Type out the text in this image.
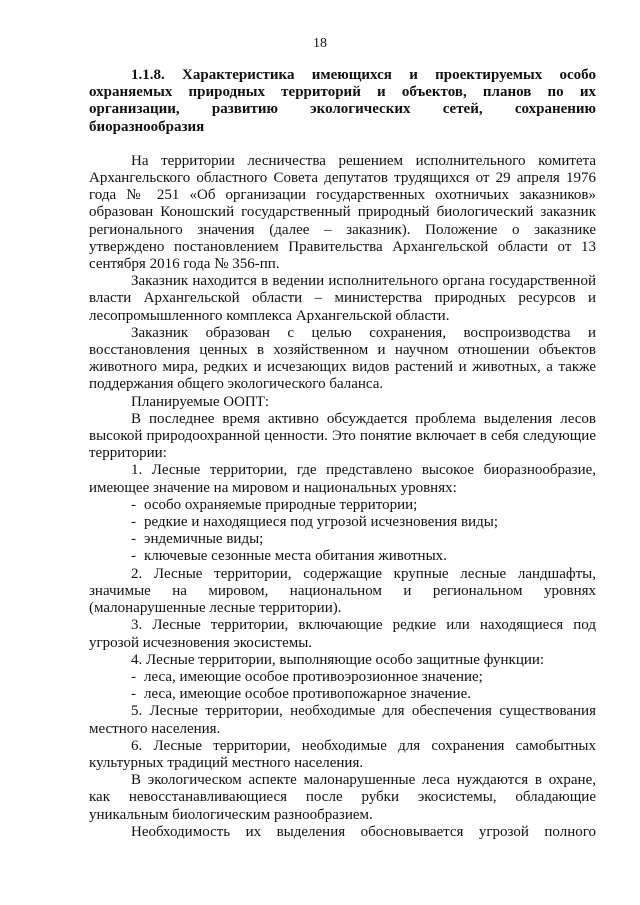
18

1.1.8. Характеристика имеющихся и проектируемых особо охраняемых природных территорий и объектов, планов по их организации, развитию экологических сетей, сохранению биоразнообразия

На территории лесничества решением исполнительного комитета Архангельского областного Совета депутатов трудящихся от 29 апреля 1976 года № 251 «Об организации государственных охотничьих заказников» образован Коношский государственный природный биологический заказник регионального значения (далее – заказник). Положение о заказнике утверждено постановлением Правительства Архангельской области от 13 сентября 2016 года № 356-пп.

Заказник находится в ведении исполнительного органа государственной власти Архангельской области – министерства природных ресурсов и лесопромышленного комплекса Архангельской области.

Заказник образован с целью сохранения, воспроизводства и восстановления ценных в хозяйственном и научном отношении объектов животного мира, редких и исчезающих видов растений и животных, а также поддержания общего экологического баланса.

Планируемые ООПТ:

В последнее время активно обсуждается проблема выделения лесов высокой природоохранной ценности. Это понятие включает в себя следующие территории:

1. Лесные территории, где представлено высокое биоразнообразие, имеющее значение на мировом и национальных уровнях:

- особо охраняемые природные территории;

- редкие и находящиеся под угрозой исчезновения виды;

- эндемичные виды;

- ключевые сезонные места обитания животных.

2. Лесные территории, содержащие крупные лесные ландшафты, значимые на мировом, национальном и региональном уровнях (малонарушенные лесные территории).

3. Лесные территории, включающие редкие или находящиеся под угрозой исчезновения экосистемы.

4. Лесные территории, выполняющие особо защитные функции:

- леса, имеющие особое противоэрозионное значение;

- леса, имеющие особое противопожарное значение.

5. Лесные территории, необходимые для обеспечения существования местного населения.

6. Лесные территории, необходимые для сохранения самобытных культурных традиций местного населения.

В экологическом аспекте малонарушенные леса нуждаются в охране, как невосстанавливающиеся после рубки экосистемы, обладающие уникальным биологическим разнообразием.

Необходимость их выделения обосновывается угрозой полного
